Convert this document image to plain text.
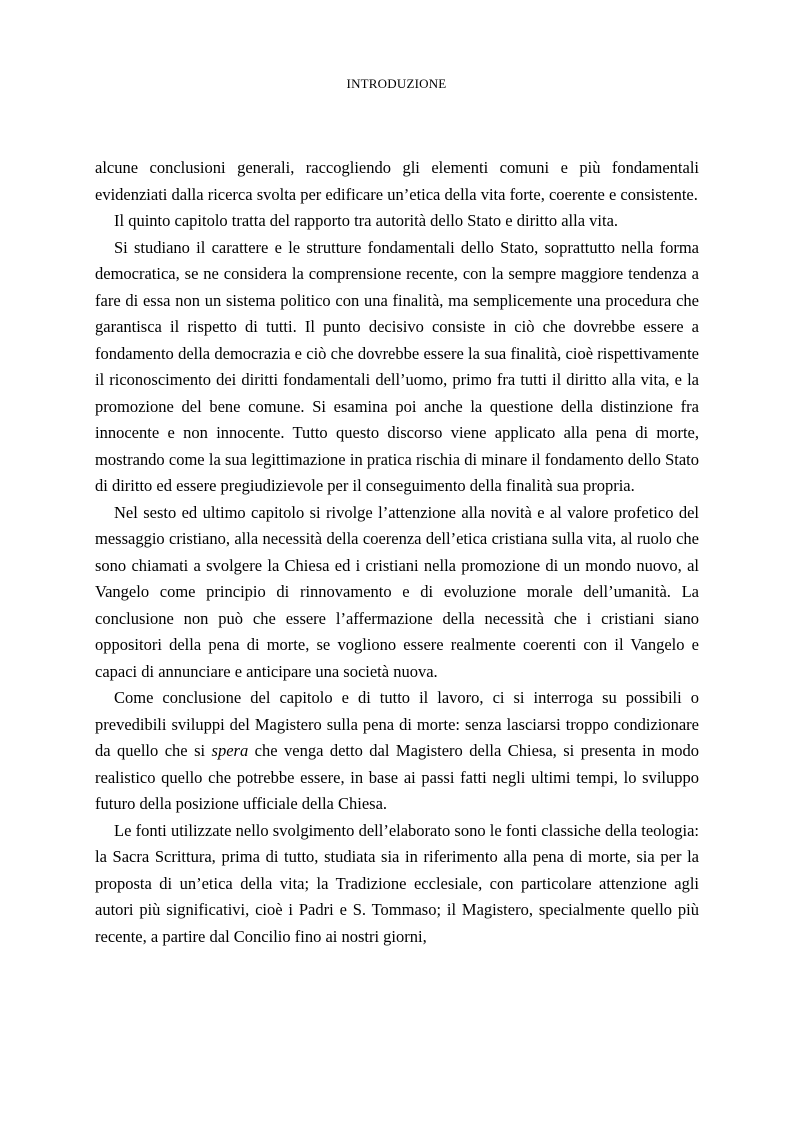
INTRODUZIONE

alcune conclusioni generali, raccogliendo gli elementi comuni e più fondamentali evidenziati dalla ricerca svolta per edificare un’etica della vita forte, coerente e consistente.

Il quinto capitolo tratta del rapporto tra autorità dello Stato e diritto alla vita.

Si studiano il carattere e le strutture fondamentali dello Stato, soprattutto nella forma democratica, se ne considera la comprensione recente, con la sempre maggiore tendenza a fare di essa non un sistema politico con una finalità, ma semplicemente una procedura che garantisca il rispetto di tutti. Il punto decisivo consiste in ciò che dovrebbe essere a fondamento della democrazia e ciò che dovrebbe essere la sua finalità, cioè rispettivamente il riconoscimento dei diritti fondamentali dell’uomo, primo fra tutti il diritto alla vita, e la promozione del bene comune. Si esamina poi anche la questione della distinzione fra innocente e non innocente. Tutto questo discorso viene applicato alla pena di morte, mostrando come la sua legittimazione in pratica rischia di minare il fondamento dello Stato di diritto ed essere pregiudizievole per il conseguimento della finalità sua propria.

Nel sesto ed ultimo capitolo si rivolge l’attenzione alla novità e al valore profetico del messaggio cristiano, alla necessità della coerenza dell’etica cristiana sulla vita, al ruolo che sono chiamati a svolgere la Chiesa ed i cristiani nella promozione di un mondo nuovo, al Vangelo come principio di rinnovamento e di evoluzione morale dell’umanità. La conclusione non può che essere l’affermazione della necessità che i cristiani siano oppositori della pena di morte, se vogliono essere realmente coerenti con il Vangelo e capaci di annunciare e anticipare una società nuova.

Come conclusione del capitolo e di tutto il lavoro, ci si interroga su possibili o prevedibili sviluppi del Magistero sulla pena di morte: senza lasciarsi troppo condizionare da quello che si spera che venga detto dal Magistero della Chiesa, si presenta in modo realistico quello che potrebbe essere, in base ai passi fatti negli ultimi tempi, lo sviluppo futuro della posizione ufficiale della Chiesa.

Le fonti utilizzate nello svolgimento dell’elaborato sono le fonti classiche della teologia: la Sacra Scrittura, prima di tutto, studiata sia in riferimento alla pena di morte, sia per la proposta di un’etica della vita; la Tradizione ecclesiale, con particolare attenzione agli autori più significativi, cioè i Padri e S. Tommaso; il Magistero, specialmente quello più recente, a partire dal Concilio fino ai nostri giorni,
